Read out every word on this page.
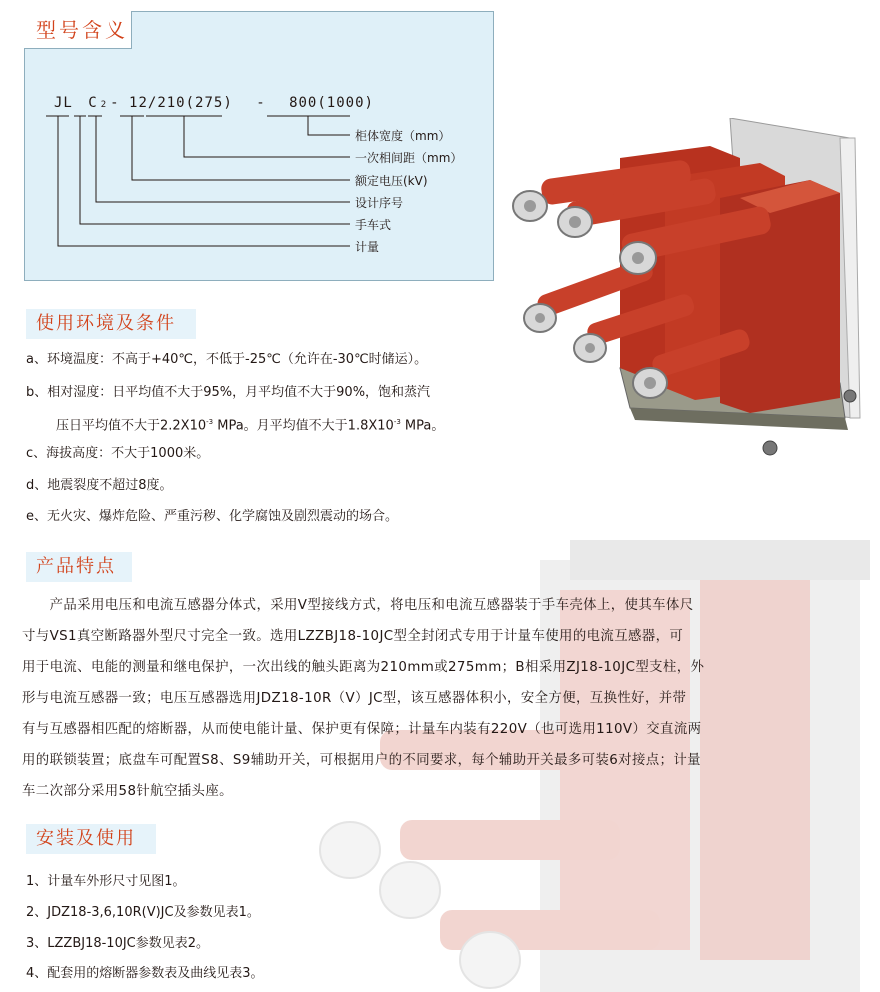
型号含义
JL C 2 - 12/210(275) - 800(1000)
柜体宽度（mm）
一次相间距（mm）
额定电压(kV)
设计序号
手车式
计量
使用环境及条件
a、环境温度：不高于+40℃，不低于-25℃（允许在-30℃时储运）。
b、相对湿度：日平均值不大于95%，月平均值不大于90%，饱和蒸汽
压日平均值不大于$2.2X10^{-3}$ MPa。月平均值不大于$1.8X10^{-3}$ MPa。
c、海拔高度：不大于1000米。
d、地震裂度不超过8度。
e、无火灾、爆炸危险、严重污秽、化学腐蚀及剧烈震动的场合。
产品特点
　　产品采用电压和电流互感器分体式，采用V型接线方式，将电压和电流互感器装于手车壳体上，使其车体尺
寸与VS1真空断路器外型尺寸完全一致。选用LZZBJ18-10JC型全封闭式专用于计量车使用的电流互感器，可
用于电流、电能的测量和继电保护，一次出线的触头距离为210mm或275mm；B相采用ZJ18-10JC型支柱，外
形与电流互感器一致；电压互感器选用JDZ18-10R（V）JC型，该互感器体积小，安全方便，互换性好，并带
有与互感器相匹配的熔断器，从而使电能计量、保护更有保障；计量车内装有220V（也可选用110V）交直流两
用的联锁装置；底盘车可配置S8、S9辅助开关，可根据用户的不同要求，每个辅助开关最多可装6对接点；计量
车二次部分采用58针航空插头座。
安装及使用
1、计量车外形尺寸见图1。
2、JDZ18-3,6,10R(V)JC及参数见表1。
3、LZZBJ18-10JC参数见表2。
4、配套用的熔断器参数表及曲线见表3。
